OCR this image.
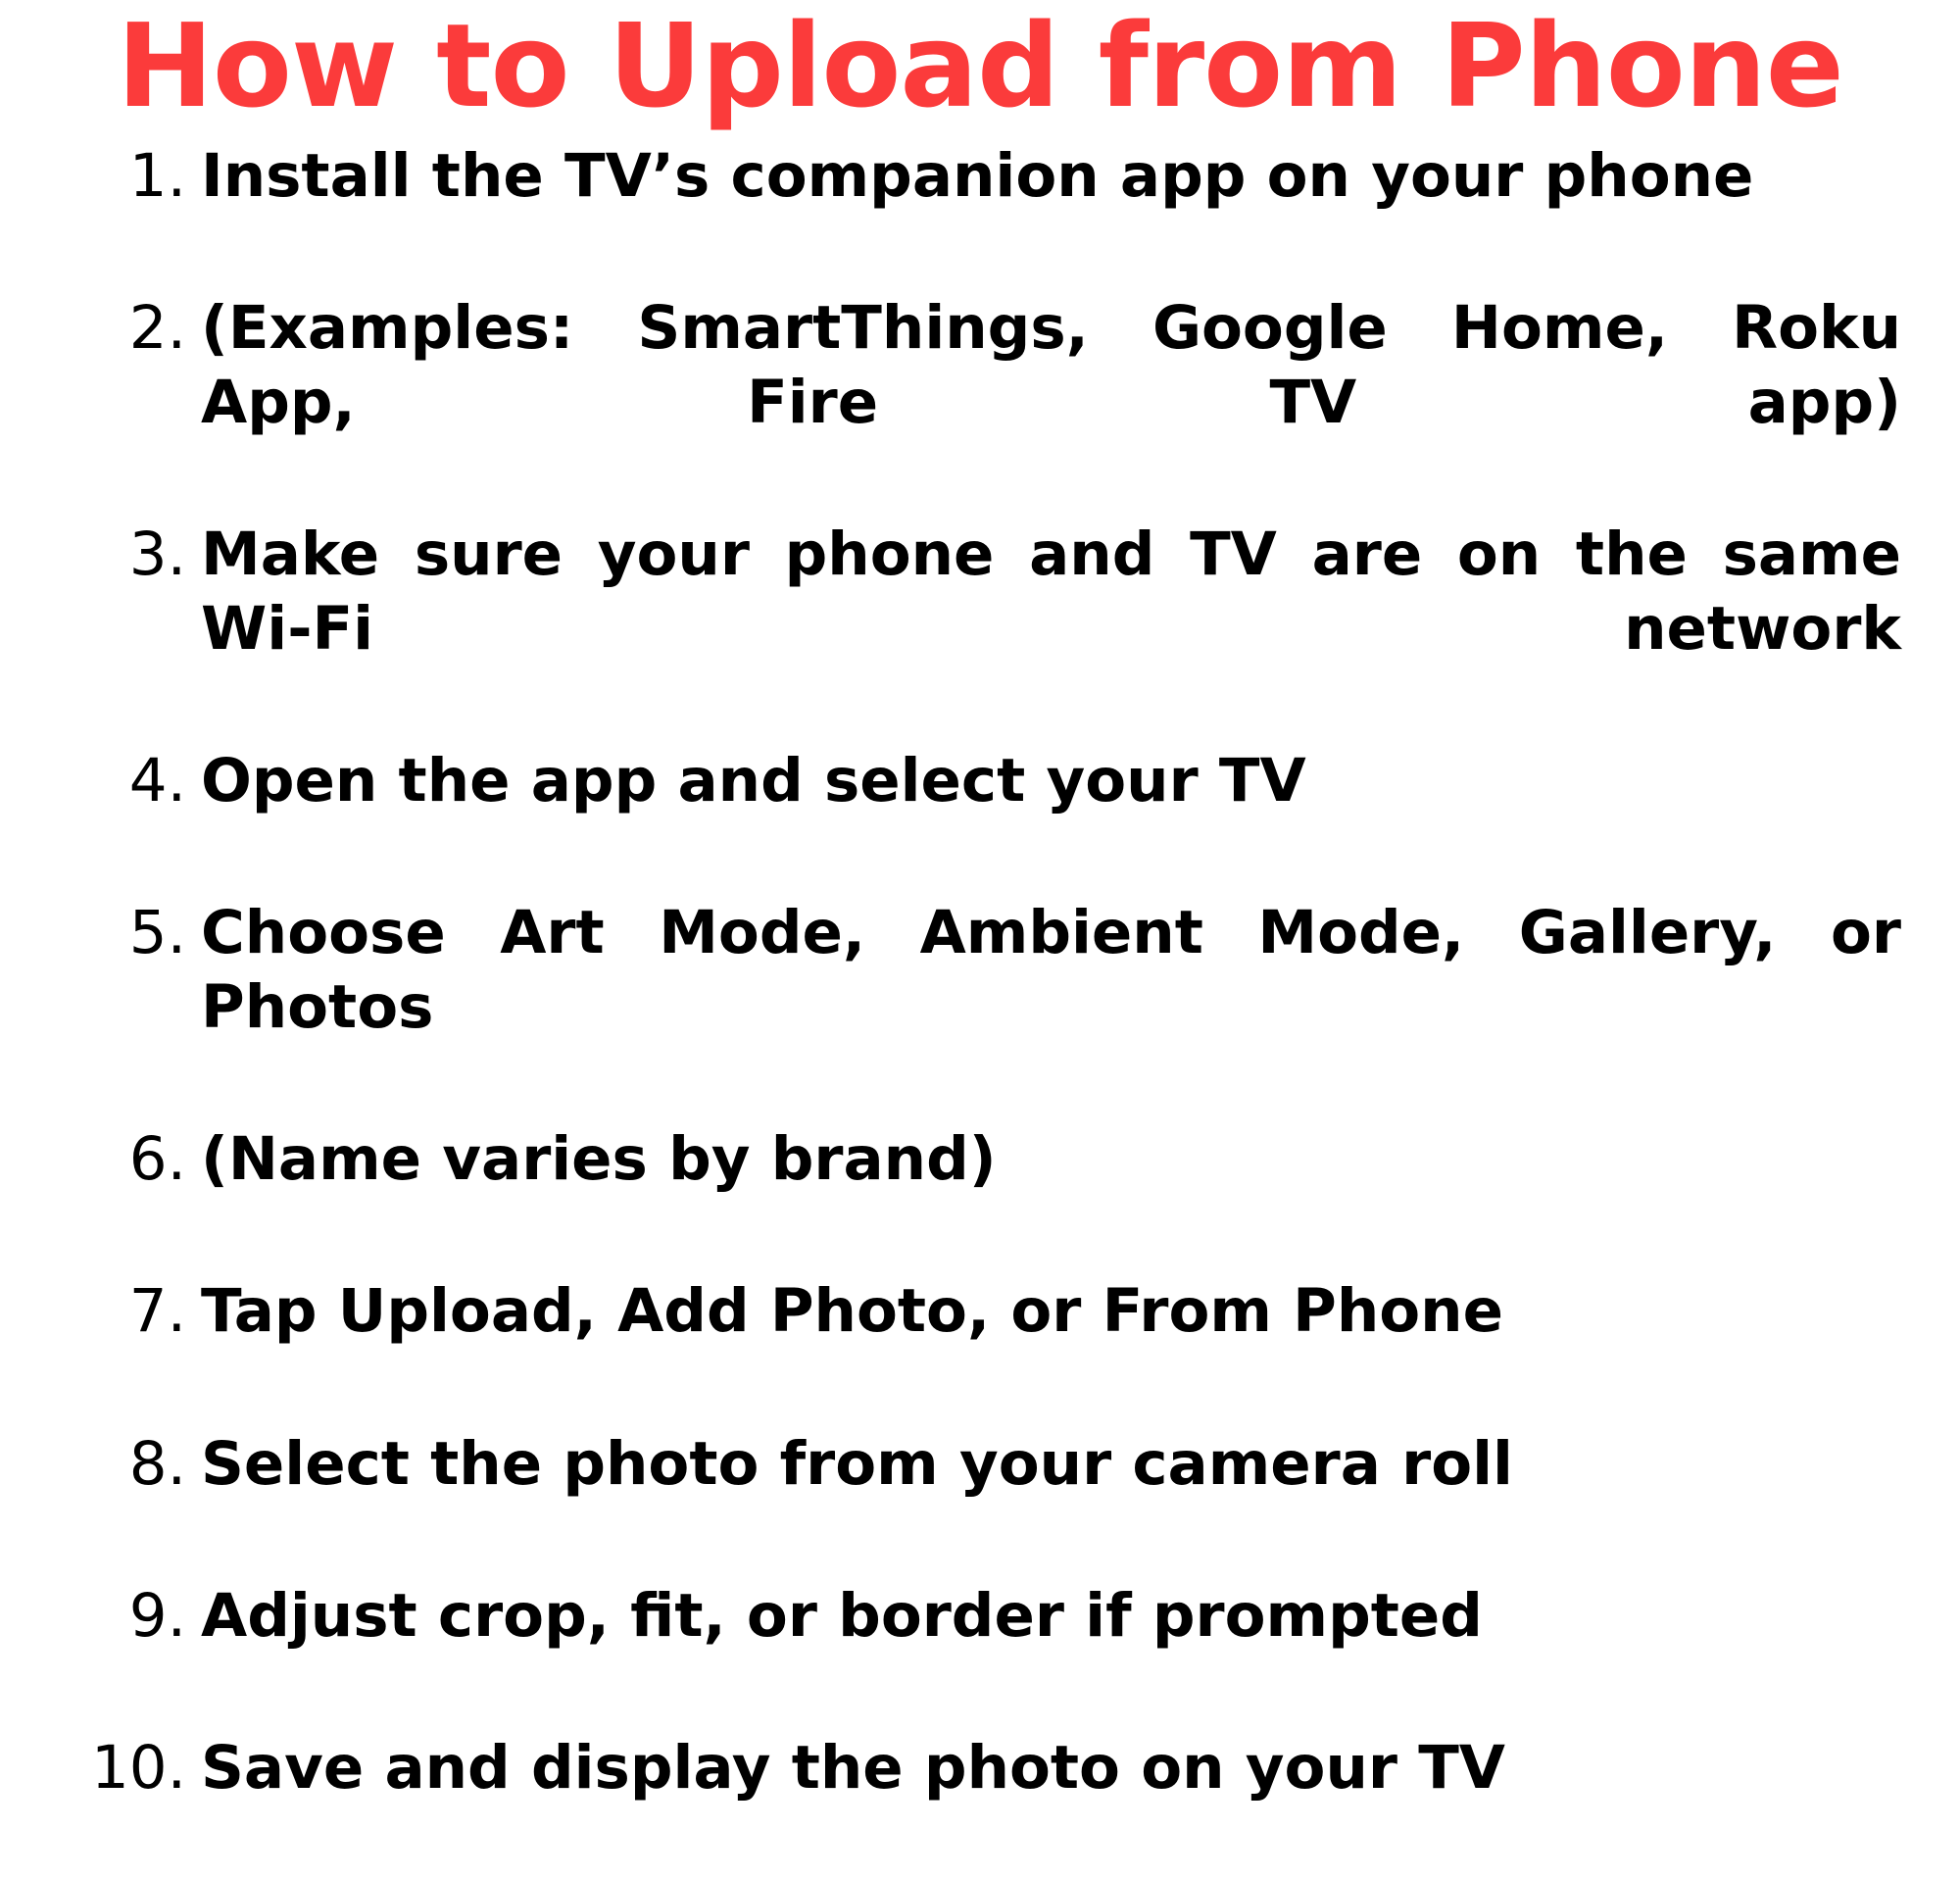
How to Upload from Phone
Install the TV’s companion app on your phone
(Examples: SmartThings, Google Home, Roku App, Fire TV app)
Make sure your phone and TV are on the same Wi-Fi network
Open the app and select your TV
Choose Art Mode, Ambient Mode, Gallery, or Photos
(Name varies by brand)
Tap Upload, Add Photo, or From Phone
Select the photo from your camera roll
Adjust crop, fit, or border if prompted
Save and display the photo on your TV
